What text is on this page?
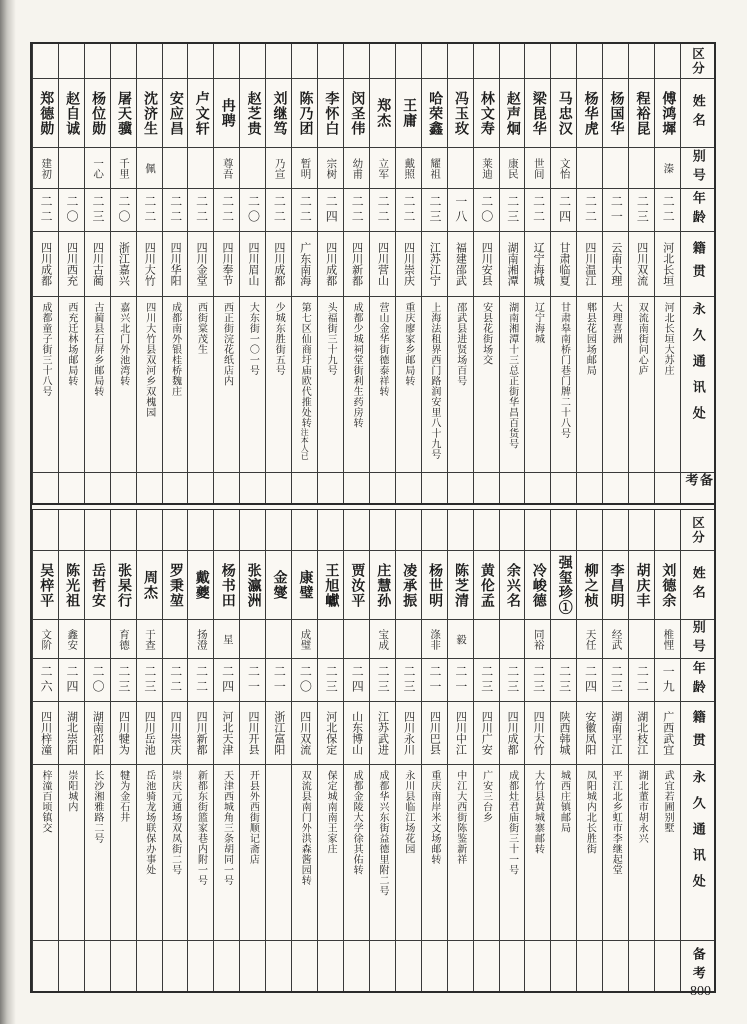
区分
姓名
别号
年龄
籍贯
永久通讯处
备考
傅鸿墀
溱
二二
河北长垣
河北长垣大苏庄
程裕昆
二三
四川双流
双流南街问心庐
杨国华
二一
云南大理
大理喜洲
杨华虎
二二
四川温江
郫县花园场邮局
马忠汉
文怡
二四
甘肃临夏
甘肃皋南桥门巷门牌二十八号
梁昆华
世间
二二
辽宁海城
辽宁海城
赵声炯
康民
二三
湖南湘潭
湖南湘潭十三总正街华昌百货号
林文寿
莱迪
二〇
四川安县
安县花街场交
冯玉玫
一八
福建邵武
邵武县进贤场百号
哈荣鑫
耀祖
二三
江苏江宁
上海法租界西门路润安里八十九号
王庸
戴照
二二
四川崇庆
重庆廖家乡邮局转
郑杰
立军
二二
四川营山
营山金华街德泰祥转
闵圣伟
幼甫
二二
四川新都
成都少城祠堂街利生药房转
李怀白
宗树
二四
四川成都
头福街三十九号
陈乃团
暂明
二二
广东南海
第七区仙商圩庙欧代推处转注本人已
刘继笃
乃宣
二二
四川成都
少城东胜街五号
赵芝贵
二〇
四川眉山
大东街一〇一号
冉聘
尊吾
二二
四川奉节
西正街浣花纸店内
卢文轩
二二
四川金堂
西街棠茂生
安应昌
二二
四川华阳
成都南外银桂桥魏庄
沈济生
佩
二二
四川大竹
四川大竹县双河乡双槐园
屠天骥
千里
二〇
浙江嘉兴
嘉兴北门外池湾转
杨位勋
一心
二三
四川古蔺
古蔺县石屏乡邮局转
赵自诚
二〇
四川西充
西充迁林场邮局转
郑德勋
建初
二二
四川成都
成都童子街三十八号
区分
姓名
别号
年龄
籍贯
永久通讯处
备考
刘德余
椎悝
一九
广西武宜
武宜若圃别墅
胡庆丰
二二
湖北枝江
湖北董市胡永兴
李昌明
经武
二三
湖南平江
平江北乡虹市李继起堂
柳之桢
天任
二四
安徽凤阳
凤阳城内北长胜街
强玺珍①
二三
陕西韩城
城西庄镇邮局
冷峻德
同裕
二三
四川大竹
大竹县黄城寨邮转
余兴名
二三
四川成都
成都灶君庙街三十一号
黄伦孟
二三
四川广安
广安三台乡
陈芝清
毅
二一
四川中江
中江大西街陈鉴新祥
杨世明
涤非
二一
四川巴县
重庆南岸米文场邮转
凌承振
二三
四川永川
永川县临江场花园
庄慧孙
宝成
二三
江苏武进
成都华兴东街益德里附二号
贾汝平
二四
山东博山
成都金陵大学徐其佑转
王旭巘
二三
河北保定
保定城南南王家庄
康璧
成璧
二〇
四川双流
双流县南门外洪森酱园转
金燮
二一
浙江富阳
张瀛洲
二一
四川开县
开县外西街顺记斋店
杨书田
星
二四
河北天津
天津西城角三条胡同一号
戴夔
扬澄
二二
四川新都
新都东街篮家巷内附一号
罗秉堃
二二
四川崇庆
崇庆元通场双凤街二号
周杰
于查
二三
四川岳池
岳池骑龙场联保办事处
张杲行
育德
二三
四川犍为
犍为金石井
岳哲安
二〇
湖南祁阳
长沙湘雅路二号
陈光祖
鑫安
二四
湖北崇阳
崇阳城内
吴梓平
文阶
二六
四川梓潼
梓潼百顷镇交
800
